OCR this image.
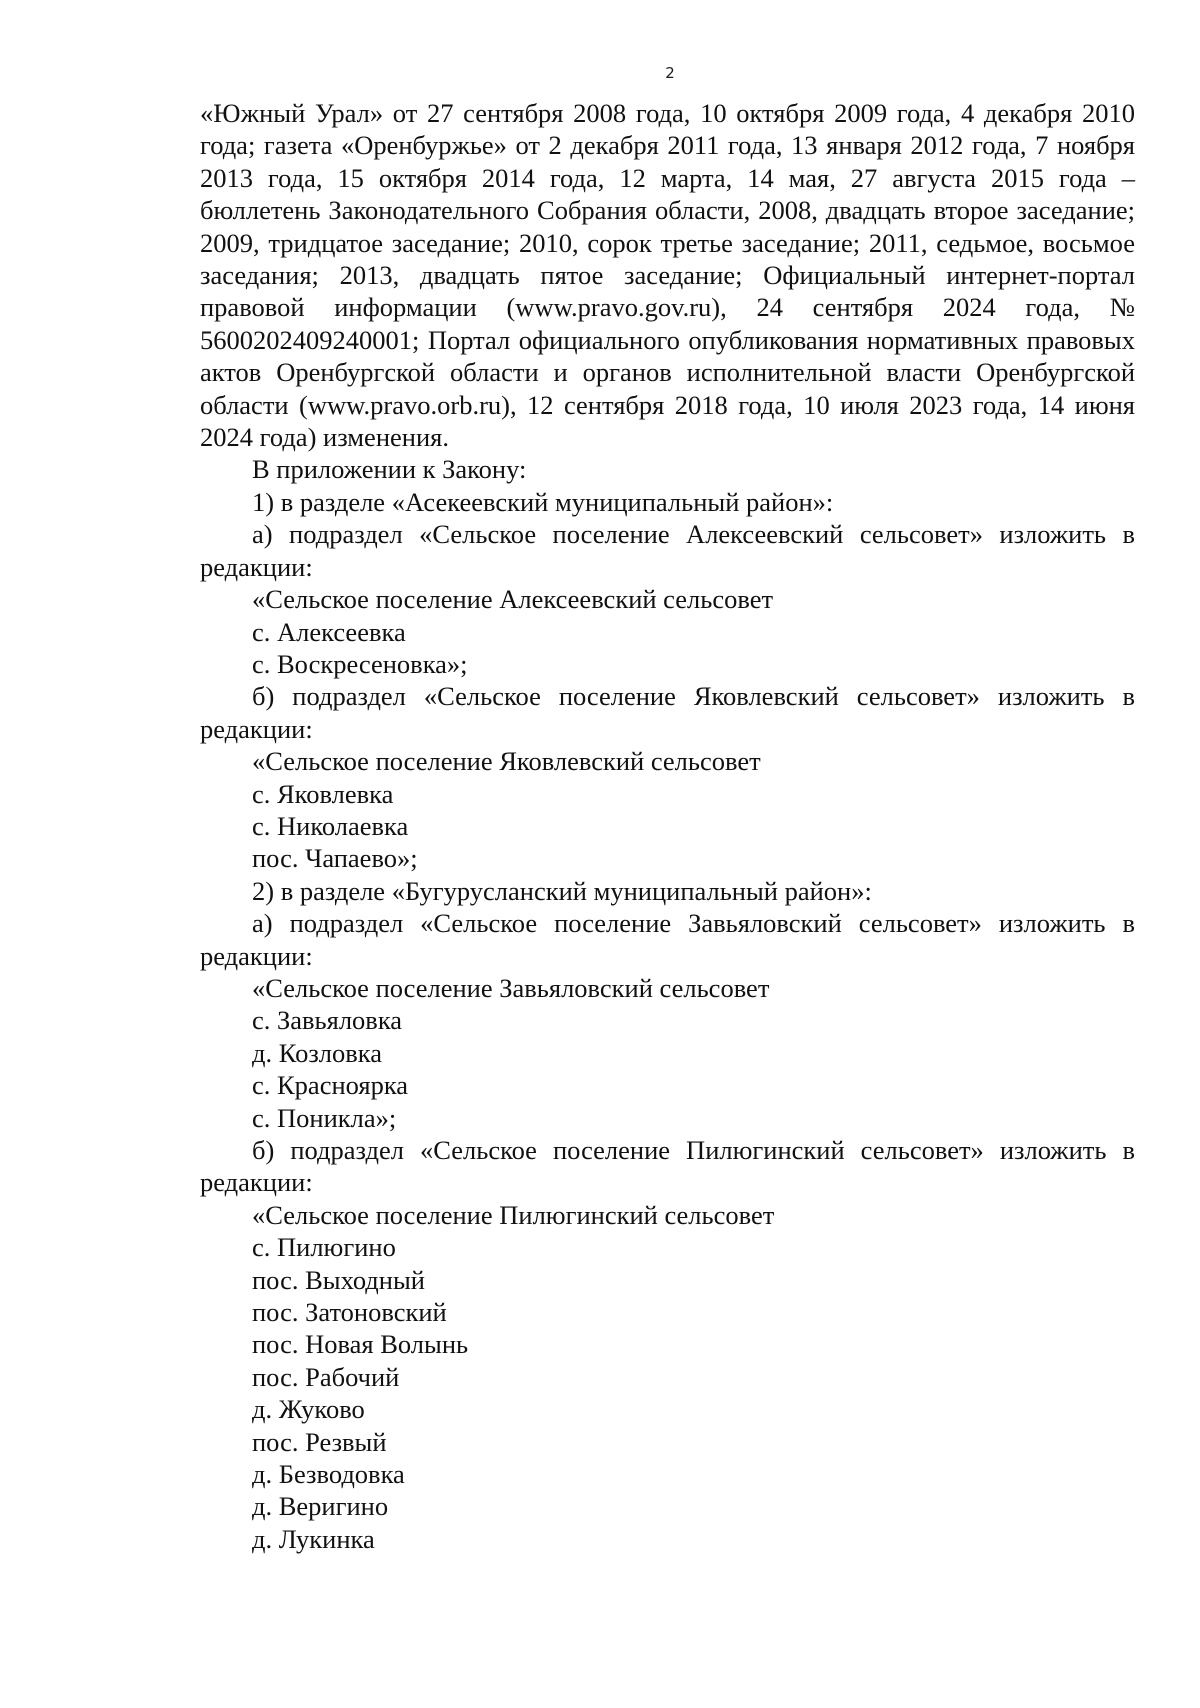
2

«Южный Урал» от 27 сентября 2008 года, 10 октября 2009 года, 4 декабря 2010 года; газета «Оренбуржье» от 2 декабря 2011 года, 13 января 2012 года, 7 ноября 2013 года, 15 октября 2014 года, 12 марта, 14 мая, 27 августа 2015 года – бюллетень Законодательного Собрания области, 2008, двадцать второе заседание; 2009, тридцатое заседание; 2010, сорок третье заседание; 2011, седьмое, восьмое заседания; 2013, двадцать пятое заседание; Официальный интернет-портал правовой информации (www.pravo.gov.ru), 24 сентября 2024 года, № 5600202409240001; Портал официального опубликования нормативных правовых актов Оренбургской области и органов исполнительной власти Оренбургской области (www.pravo.orb.ru), 12 сентября 2018 года, 10 июля 2023 года, 14 июня 2024 года) изменения.

В приложении к Закону:

1) в разделе «Асекеевский муниципальный район»:

а) подраздел «Сельское поселение Алексеевский сельсовет» изложить в редакции:

«Сельское поселение Алексеевский сельсовет

с. Алексеевка

с. Воскресеновка»;

б) подраздел «Сельское поселение Яковлевский сельсовет» изложить в редакции:

«Сельское поселение Яковлевский сельсовет

с. Яковлевка

с. Николаевка

пос. Чапаево»;

2) в разделе «Бугурусланский муниципальный район»:

а) подраздел «Сельское поселение Завьяловский сельсовет» изложить в редакции:

«Сельское поселение Завьяловский сельсовет

с. Завьяловка

д. Козловка

с. Красноярка

с. Поникла»;

б) подраздел «Сельское поселение Пилюгинский сельсовет» изложить в редакции:

«Сельское поселение Пилюгинский сельсовет

с. Пилюгино

пос. Выходный

пос. Затоновский

пос. Новая Волынь

пос. Рабочий

д. Жуково

пос. Резвый

д. Безводовка

д. Веригино

д. Лукинка
